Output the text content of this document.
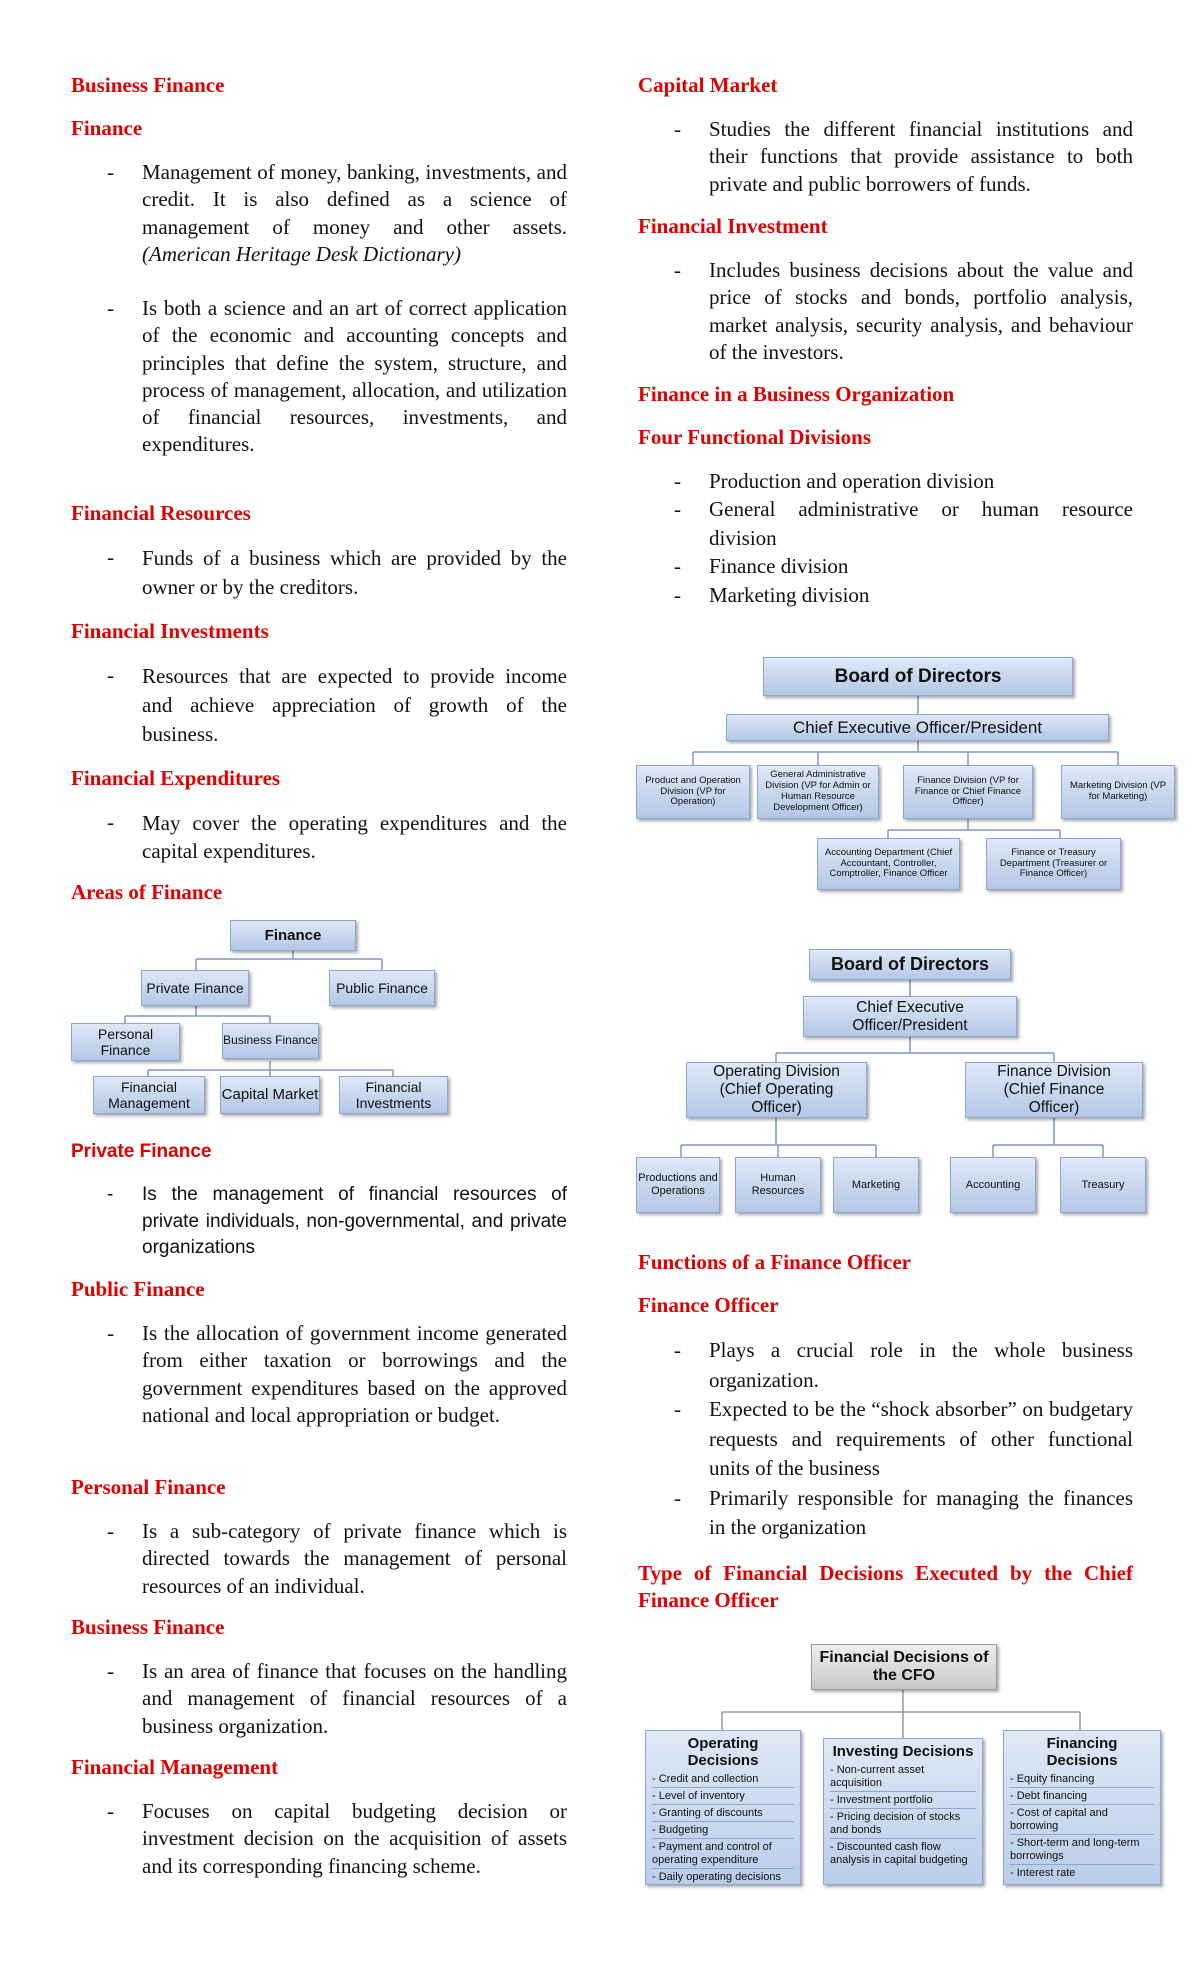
Business Finance
Finance
- Management of money, banking, investments, and credit. It is also defined as a science of management of money and other assets. (American Heritage Desk Dictionary)
- Is both a science and an art of correct application of the economic and accounting concepts and principles that define the system, structure, and process of management, allocation, and utilization of financial resources, investments, and expenditures.
Financial Resources
- Funds of a business which are provided by the owner or by the creditors.
Financial Investments
- Resources that are expected to provide income and achieve appreciation of growth of the business.
Financial Expenditures
- May cover the operating expenditures and the capital expenditures.
Areas of Finance
Finance
Private Finance	Public Finance
Personal Finance
Business Finance
Financial Management	Capital Market	Financial Investments
Private Finance
- Is the management of financial resources of private individuals, non-governmental, and private organizations
Public Finance
- Is the allocation of government income generated from either taxation or borrowings and the government expenditures based on the approved national and local appropriation or budget.
Personal Finance
- Is a sub-category of private finance which is directed towards the management of personal resources of an individual.
Business Finance
- Is an area of finance that focuses on the handling and management of financial resources of a business organization.
Financial Management
- Focuses on capital budgeting decision or investment decision on the acquisition of assets and its corresponding financing scheme.
Capital Market
- Studies the different financial institutions and their functions that provide assistance to both private and public borrowers of funds.
Financial Investment
- Includes business decisions about the value and price of stocks and bonds, portfolio analysis, market analysis, security analysis, and behaviour of the investors.
Finance in a Business Organization
Four Functional Divisions
- Production and operation division
- General administrative or human resource division
- Finance division
- Marketing division
Board of Directors
Chief Executive Officer/President
Product and Operation Division (VP for Operation)
General Administrative Division (VP for Admin or Human Resource Development Officer)
Finance Division (VP for Finance or Chief Finance Officer)
Marketing Division (VP for Marketing)
Accounting Department (Chief Accountant, Controller, Comptroller, Finance Officer
Finance or Treasury Department (Treasurer or Finance Officer)
Board of Directors
Chief Executive Officer/President
Operating Division (Chief Operating Officer)
Finance Division (Chief Finance Officer)
Productions and Operations
Human Resources
Marketing	Accounting	Treasury
Functions of a Finance Officer
Finance Officer
- Plays a crucial role in the whole business organization.
- Expected to be the “shock absorber” on budgetary requests and requirements of other functional units of the business
- Primarily responsible for managing the finances in the organization
Type of Financial Decisions Executed by the Chief Finance Officer
Financial Decisions of the CFO
Operating Decisions
- Credit and collection
- Level of inventory
- Granting of discounts
- Budgeting
- Payment and control of operating expenditure
- Daily operating decisions
Investing Decisions
- Non-current asset acquisition
- Investment portfolio
- Pricing decision of stocks and bonds
- Discounted cash flow analysis in capital budgeting
Financing Decisions
- Equity financing
- Debt financing
- Cost of capital and borrowing
- Short-term and long-term borrowings
- Interest rate
